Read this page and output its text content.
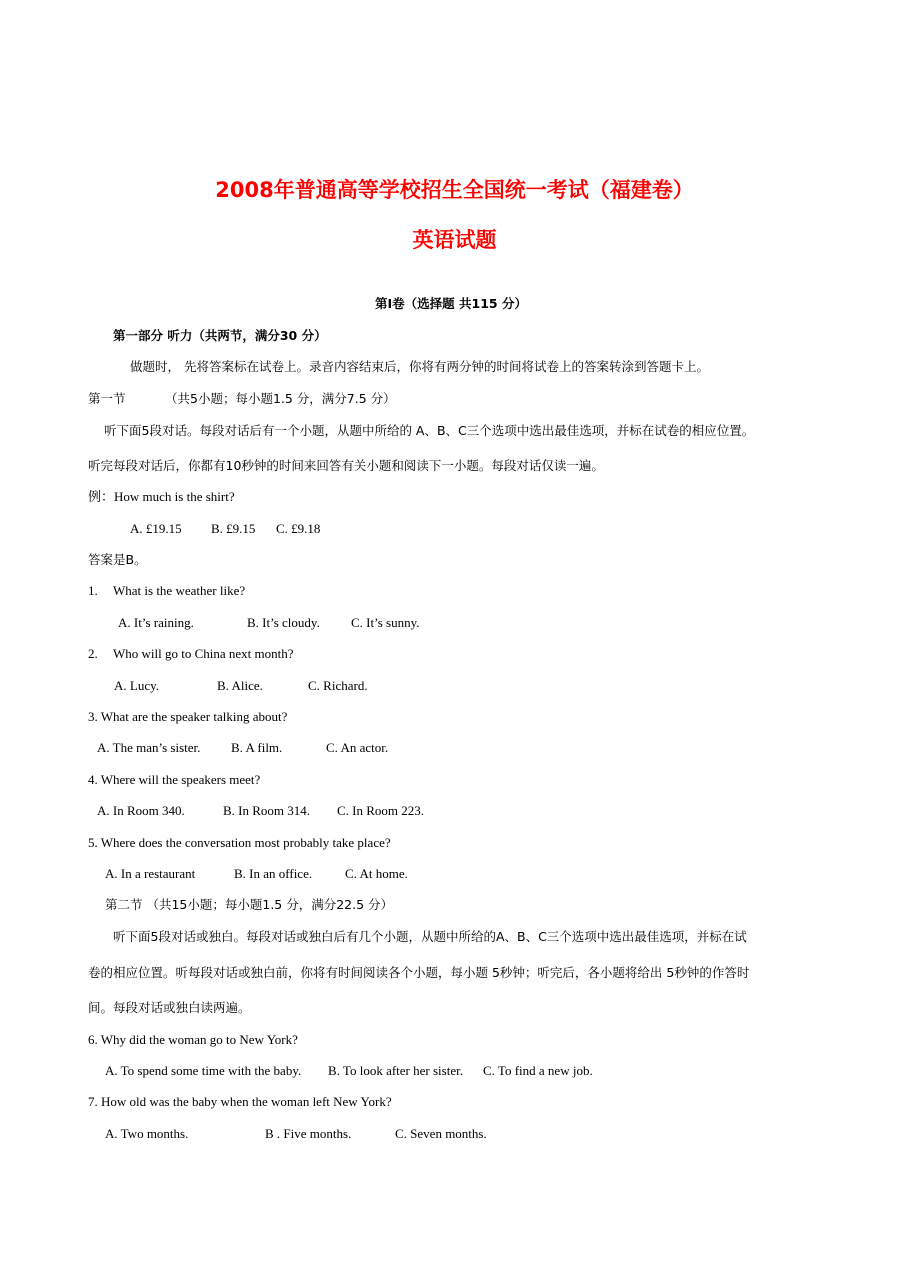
2008年普通高等学校招生全国统一考试（福建卷）
英语试题
第Ⅰ卷（选择题 共115 分）
第一部分 听力（共两节，满分30 分）
做题时， 先将答案标在试卷上。录音内容结束后，你将有两分钟的时间将试卷上的答案转涂到答题卡上。
第一节	（共5小题；每小题1.5 分，满分7.5 分）
听下面5段对话。每段对话后有一个小题，从题中所给的 A、B、C三个选项中选出最佳选项，并标在试卷的相应位置。
听完每段对话后，你都有10秒钟的时间来回答有关小题和阅读下一小题。每段对话仅读一遍。
例：How much is the shirt?
A. £19.15 B. £9.15 C. £9.18
答案是B。
1. What is the weather like?
A. It’s raining.	B. It’s cloudy. C. It’s sunny.
2. Who will go to China next month?
A. Lucy.	B. Alice.	C. Richard.
3. What are the speaker talking about?
A. The man’s sister. B. A film.	C. An actor.
4. Where will the speakers meet?
A. In Room 340.	B. In Room 314. C. In Room 223.
5. Where does the conversation most probably take place?
A. In a restaurant	B. In an office.	C. At home.
第二节 （共15小题；每小题1.5 分，满分22.5 分）
听下面5段对话或独白。每段对话或独白后有几个小题，从题中所给的A、B、C三个选项中选出最佳选项，并标在试
卷的相应位置。听每段对话或独白前，你将有时间阅读各个小题，每小题 5秒钟；听完后，各小题将给出 5秒钟的作答时
间。每段对话或独白读两遍。
6. Why did the woman go to New York?
A. To spend some time with the baby. B. To look after her sister. C. To find a new job.
7. How old was the baby when the woman left New York?
A. Two months.	B . Five months.	C. Seven months.
